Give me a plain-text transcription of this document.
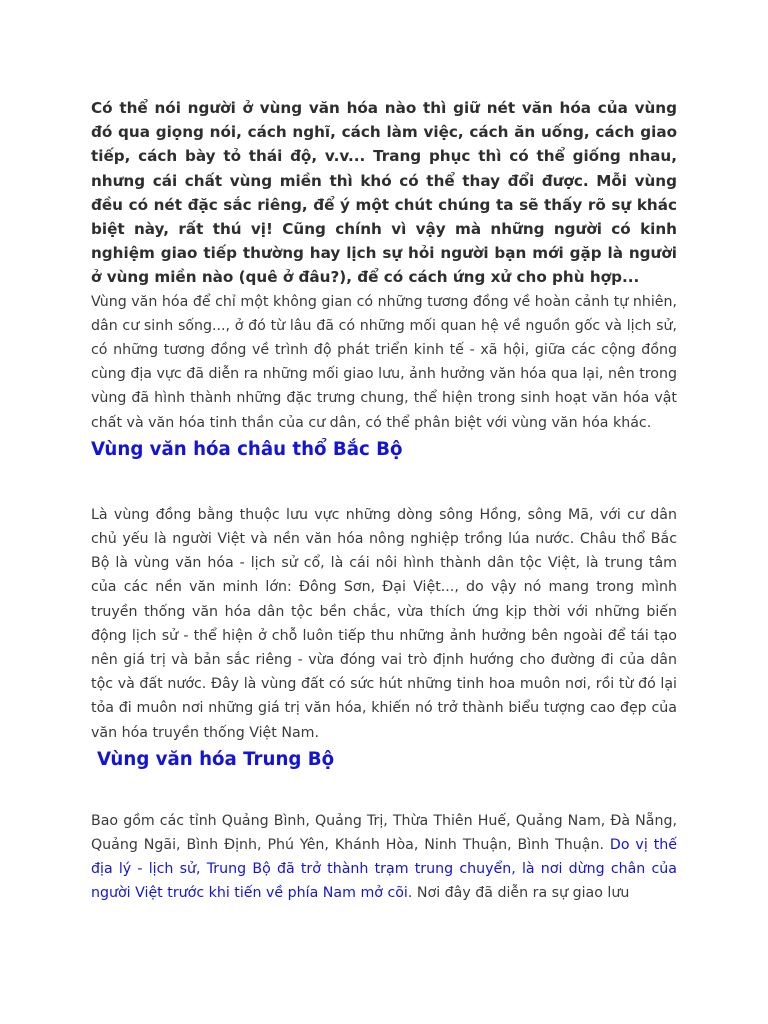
Có thể nói người ở vùng văn hóa nào thì giữ nét văn hóa của vùng đó qua giọng nói, cách nghĩ, cách làm việc, cách ăn uống, cách giao tiếp, cách bày tỏ thái độ, v.v... Trang phục thì có thể giống nhau, nhưng cái chất vùng miền thì khó có thể thay đổi được. Mỗi vùng đều có nét đặc sắc riêng, để ý một chút chúng ta sẽ thấy rõ sự khác biệt này, rất thú vị! Cũng chính vì vậy mà những người có kinh nghiệm giao tiếp thường hay lịch sự hỏi người bạn mới gặp là người ở vùng miền nào (quê ở đâu?), để có cách ứng xử cho phù hợp...

Vùng văn hóa để chỉ một không gian có những tương đồng về hoàn cảnh tự nhiên, dân cư sinh sống..., ở đó từ lâu đã có những mối quan hệ về nguồn gốc và lịch sử, có những tương đồng về trình độ phát triển kinh tế - xã hội, giữa các cộng đồng cùng địa vực đã diễn ra những mối giao lưu, ảnh hưởng văn hóa qua lại, nên trong vùng đã hình thành những đặc trưng chung, thể hiện trong sinh hoạt văn hóa vật chất và văn hóa tinh thần của cư dân, có thể phân biệt với vùng văn hóa khác.

Vùng văn hóa châu thổ Bắc Bộ

Là vùng đồng bằng thuộc lưu vực những dòng sông Hồng, sông Mã, với cư dân chủ yếu là người Việt và nền văn hóa nông nghiệp trồng lúa nước. Châu thổ Bắc Bộ là vùng văn hóa - lịch sử cổ, là cái nôi hình thành dân tộc Việt, là trung tâm của các nền văn minh lớn: Đông Sơn, Đại Việt..., do vậy nó mang trong mình truyền thống văn hóa dân tộc bền chắc, vừa thích ứng kịp thời với những biến động lịch sử - thể hiện ở chỗ luôn tiếp thu những ảnh hưởng bên ngoài để tái tạo nên giá trị và bản sắc riêng - vừa đóng vai trò định hướng cho đường đi của dân tộc và đất nước. Đây là vùng đất có sức hút những tinh hoa muôn nơi, rồi từ đó lại tỏa đi muôn nơi những giá trị văn hóa, khiến nó trở thành biểu tượng cao đẹp của văn hóa truyền thống Việt Nam.

Vùng văn hóa Trung Bộ

Bao gồm các tỉnh Quảng Bình, Quảng Trị, Thừa Thiên Huế, Quảng Nam, Đà Nẵng, Quảng Ngãi, Bình Định, Phú Yên, Khánh Hòa, Ninh Thuận, Bình Thuận. Do vị thế địa lý - lịch sử, Trung Bộ đã trở thành trạm trung chuyển, là nơi dừng chân của người Việt trước khi tiến về phía Nam mở cõi. Nơi đây đã diễn ra sự giao lưu
